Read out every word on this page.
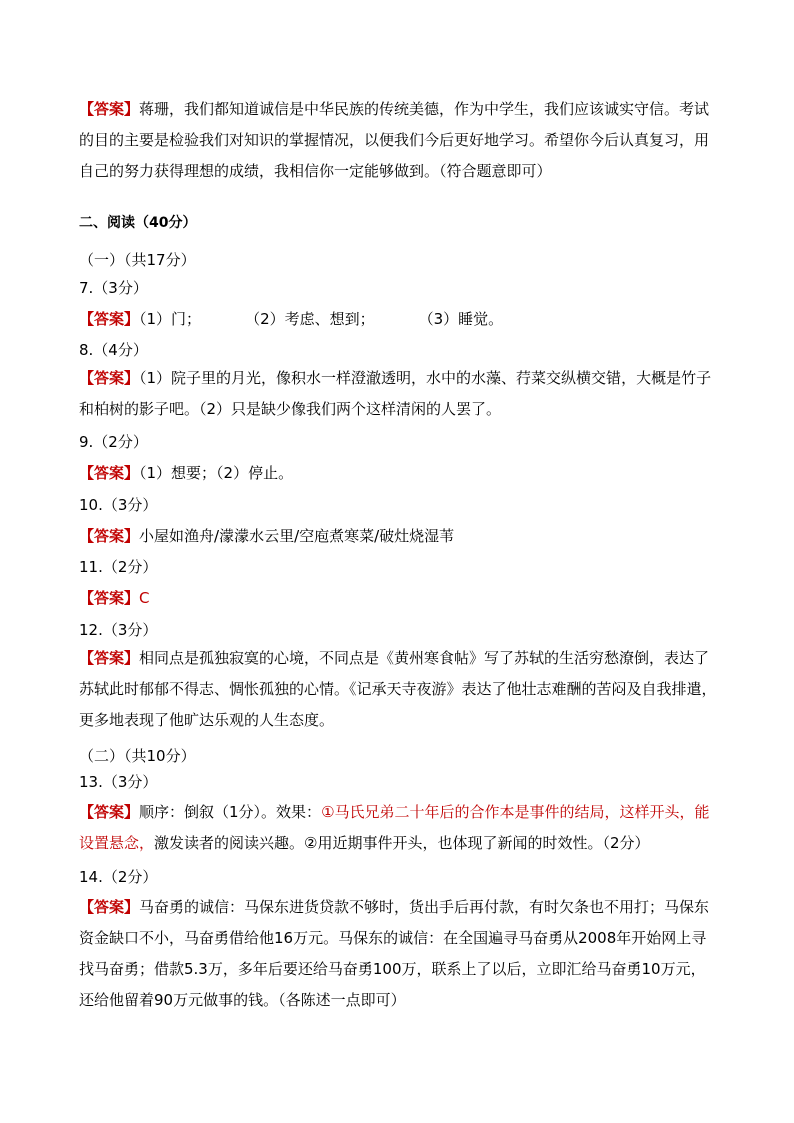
【答案】蒋珊，我们都知道诚信是中华民族的传统美德，作为中学生，我们应该诚实守信。考试的目的主要是检验我们对知识的掌握情况，以便我们今后更好地学习。希望你今后认真复习，用自己的努力获得理想的成绩，我相信你一定能够做到。（符合题意即可）
二、阅读（40分）
（一）（共17分）
7.（3分）
【答案】（1）门；	（2）考虑、想到；	（3）睡觉。
8.（4分）
【答案】（1）院子里的月光，像积水一样澄澈透明，水中的水藻、荇菜交纵横交错，大概是竹子和柏树的影子吧。（2）只是缺少像我们两个这样清闲的人罢了。
9.（2分）
【答案】（1）想要；（2）停止。
10.（3分）
【答案】小屋如渔舟/濛濛水云里/空庖煮寒菜/破灶烧湿苇
11.（2分）
【答案】C
12.（3分）
【答案】相同点是孤独寂寞的心境，不同点是《黄州寒食帖》写了苏轼的生活穷愁潦倒，表达了苏轼此时郁郁不得志、惆怅孤独的心情。《记承天寺夜游》表达了他壮志难酬的苦闷及自我排遣，更多地表现了他旷达乐观的人生态度。
（二）（共10分）
13.（3分）
【答案】顺序：倒叙（1分）。效果：①马氏兄弟二十年后的合作本是事件的结局，这样开头，能设置悬念，激发读者的阅读兴趣。②用近期事件开头，也体现了新闻的时效性。（2分）
14.（2分）
【答案】马奋勇的诚信：马保东进货贷款不够时，货出手后再付款，有时欠条也不用打；马保东资金缺口不小，马奋勇借给他16万元。马保东的诚信：在全国遍寻马奋勇从2008年开始网上寻找马奋勇；借款5.3万，多年后要还给马奋勇100万，联系上了以后，立即汇给马奋勇10万元，还给他留着90万元做事的钱。（各陈述一点即可）
